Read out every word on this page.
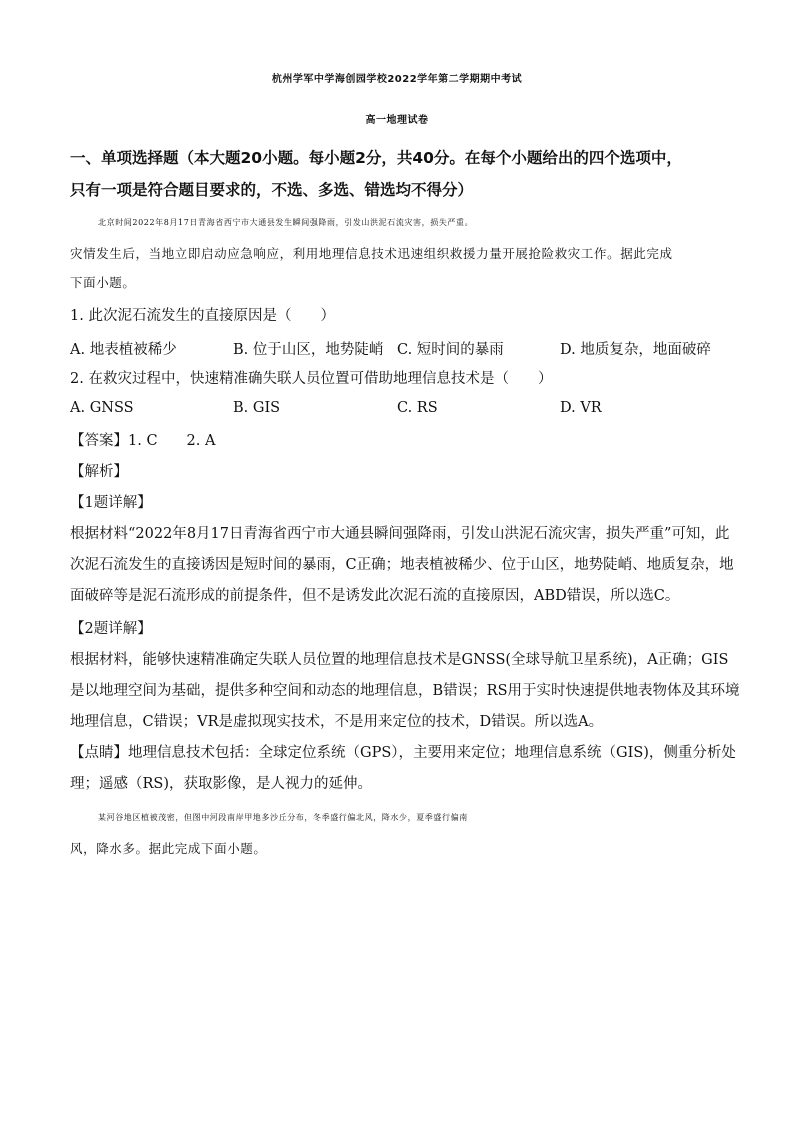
杭州学军中学海创园学校2022学年第二学期期中考试
高一地理试卷
一、单项选择题（本大题20小题。每小题2分，共40分。在每个小题给出的四个选项中，
只有一项是符合题目要求的，不选、多选、错选均不得分）
北京时间2022年8月17日青海省西宁市大通县发生瞬间强降雨，引发山洪泥石流灾害，损失严重。
灾情发生后，当地立即启动应急响应，利用地理信息技术迅速组织救援力量开展抢险救灾工作。据此完成
下面小题。
1. 此次泥石流发生的直接原因是（　　）
A. 地表植被稀少	B. 位于山区，地势陡峭 C. 短时间的暴雨	D. 地质复杂，地面破碎
2. 在救灾过程中，快速精准确失联人员位置可借助地理信息技术是（　　）
A. GNSS	B. GIS	C. RS	D. VR
【答案】1. C　　2. A
【解析】
【1题详解】
根据材料“2022年8月17日青海省西宁市大通县瞬间强降雨，引发山洪泥石流灾害，损失严重”可知，此
次泥石流发生的直接诱因是短时间的暴雨，C正确；地表植被稀少、位于山区，地势陡峭、地质复杂，地
面破碎等是泥石流形成的前提条件，但不是诱发此次泥石流的直接原因，ABD错误，所以选C。
【2题详解】
根据材料，能够快速精准确定失联人员位置的地理信息技术是GNSS(全球导航卫星系统)，A正确；GIS
是以地理空间为基础，提供多种空间和动态的地理信息，B错误；RS用于实时快速提供地表物体及其环境
地理信息，C错误；VR是虚拟现实技术，不是用来定位的技术，D错误。所以选A。
【点睛】地理信息技术包括：全球定位系统（GPS），主要用来定位；地理信息系统（GIS)，侧重分析处
理；遥感（RS)，获取影像，是人视力的延伸。
某河谷地区植被茂密，但图中河段南岸甲地多沙丘分布，冬季盛行偏北风，降水少，夏季盛行偏南
风，降水多。据此完成下面小题。
